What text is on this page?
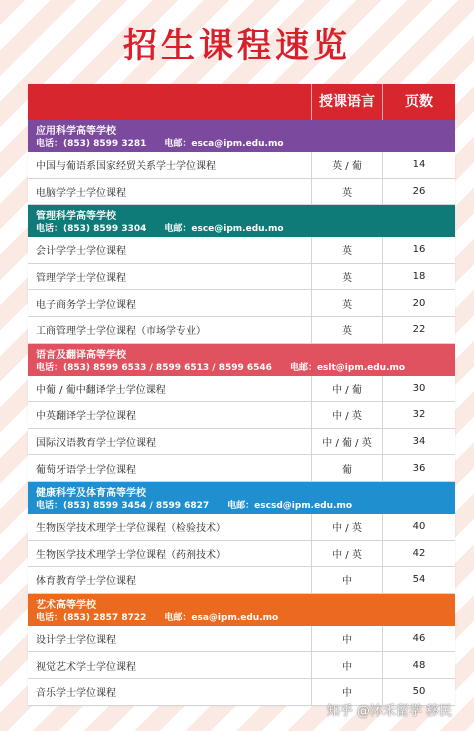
招生课程速览
授课语言	页数
应用科学高等学校
电话：(853) 8599 3281　　电邮：esca@ipm.edu.mo
中国与葡语系国家经贸关系学士学位课程	英 / 葡	14
电脑学学士学位课程	英	26
管理科学高等学校
电话：(853) 8599 3304　　电邮：esce@ipm.edu.mo
会计学学士学位课程	英	16
管理学学士学位课程	英	18
电子商务学士学位课程	英	20
工商管理学士学位课程（市场学专业）	英	22
语言及翻译高等学校
电话：(853) 8599 6533 / 8599 6513 / 8599 6546　　电邮：eslt@ipm.edu.mo
中葡 / 葡中翻译学士学位课程	中 / 葡	30
中英翻译学士学位课程	中 / 英	32
国际汉语教育学士学位课程	中 / 葡 / 英	34
葡萄牙语学士学位课程	葡	36
健康科学及体育高等学校
电话：(853) 8599 3454 / 8599 6827　　电邮：escsd@ipm.edu.mo
生物医学技术理学士学位课程（检验技术）	中 / 英	40
生物医学技术理学士学位课程（药剂技术）	中 / 英	42
体育教育学士学位课程	中	54
艺术高等学校
电话：(853) 2857 8722　　电邮：esa@ipm.edu.mo
设计学士学位课程	中	46
视觉艺术学士学位课程	中	48
音乐学士学位课程	中	50
知乎 @沐禾留学 移民
